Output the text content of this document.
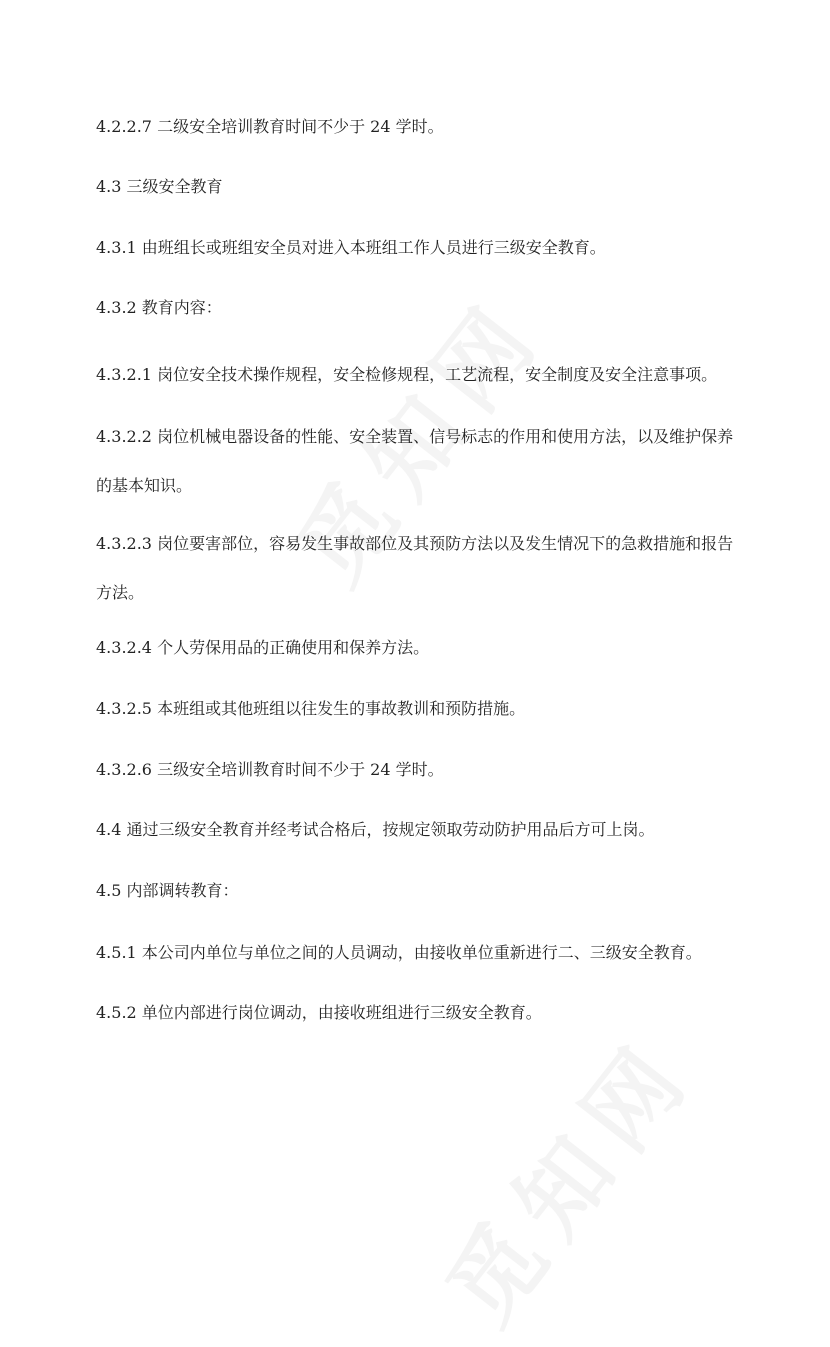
4.2.2.7 二级安全培训教育时间不少于 24 学时。
4.3 三级安全教育
4.3.1 由班组长或班组安全员对进入本班组工作人员进行三级安全教育。
4.3.2 教育内容：
4.3.2.1 岗位安全技术操作规程，安全检修规程，工艺流程，安全制度及安全注意事项。
4.3.2.2 岗位机械电器设备的性能、安全装置、信号标志的作用和使用方法，以及维护保养的基本知识。
4.3.2.3 岗位要害部位，容易发生事故部位及其预防方法以及发生情况下的急救措施和报告方法。
4.3.2.4 个人劳保用品的正确使用和保养方法。
4.3.2.5 本班组或其他班组以往发生的事故教训和预防措施。
4.3.2.6 三级安全培训教育时间不少于 24 学时。
4.4 通过三级安全教育并经考试合格后，按规定领取劳动防护用品后方可上岗。
4.5 内部调转教育：
4.5.1 本公司内单位与单位之间的人员调动，由接收单位重新进行二、三级安全教育。
4.5.2 单位内部进行岗位调动，由接收班组进行三级安全教育。
